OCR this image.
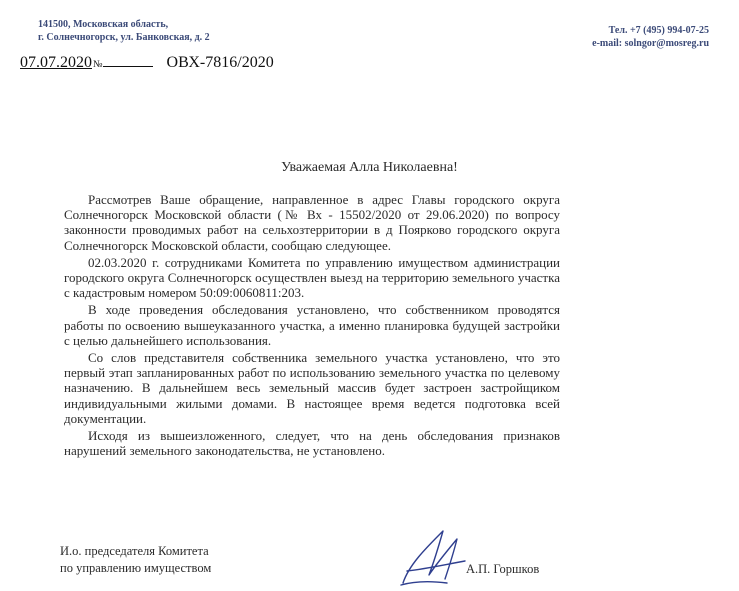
141500, Московская область,
г. Солнечногорск, ул. Банковская, д. 2
Тел. +7 (495) 994-07-25
e-mail: solngor@mosreg.ru
07.07.2020№	ОВХ-7816/2020
Уважаемая Алла Николаевна!

Рассмотрев Ваше обращение, направленное в адрес Главы городского округа Солнечногорск Московской области (№ Вх - 15502/2020 от 29.06.2020) по вопросу законности проводимых работ на сельхозтерритории в д Поярково городского округа Солнечногорск Московской области, сообщаю следующее.

02.03.2020 г. сотрудниками Комитета по управлению имуществом администрации городского округа Солнечногорск осуществлен выезд на территорию земельного участка с кадастровым номером 50:09:0060811:203.

В ходе проведения обследования установлено, что собственником проводятся работы по освоению вышеуказанного участка, а именно планировка будущей застройки с целью дальнейшего использования.

Со слов представителя собственника земельного участка установлено, что это первый этап запланированных работ по использованию земельного участка по целевому назначению. В дальнейшем весь земельный массив будет застроен застройщиком индивидуальными жилыми домами. В настоящее время ведется подготовка всей документации.

Исходя из вышеизложенного, следует, что на день обследования признаков нарушений земельного законодательства, не установлено.

И.о. председателя Комитета
по управлению имуществом	А.П. Горшков
